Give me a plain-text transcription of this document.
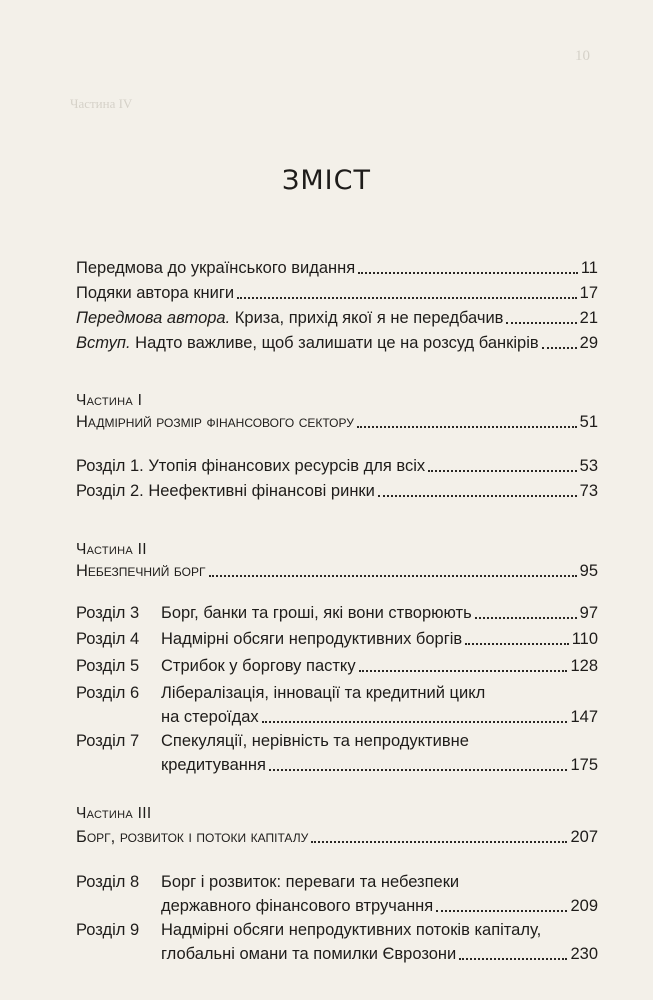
10
Частина IV
ЗМІСТ
Передмова до українського видання	11
Подяки автора книги	17
Передмова автора. Криза, прихід якої я не передбачив	21
Вступ. Надто важливе, щоб залишати це на розсуд банкірів 29
Частина I
Надмірний розмір фінансового сектору	51
Розділ 1. Утопія фінансових ресурсів для всіх	53
Розділ 2. Неефективні фінансові ринки	73
Частина II
Небезпечний борг	95
Розділ 3 Борг, банки та гроші, які вони створюють	97
Розділ 4 Надмірні обсяги непродуктивних боргів	110
Розділ 5 Стрибок у боргову пастку	128
Розділ 6 Лібералізація, інновації та кредитний цикл
на стероїдах	147
Розділ 7 Спекуляції, нерівність та непродуктивне
кредитування	175
Частина III
Борг, розвиток і потоки капіталу	207
Розділ 8 Борг і розвиток: переваги та небезпеки
державного фінансового втручання	209
Розділ 9 Надмірні обсяги непродуктивних потоків капіталу,
глобальні омани та помилки Єврозони	230
